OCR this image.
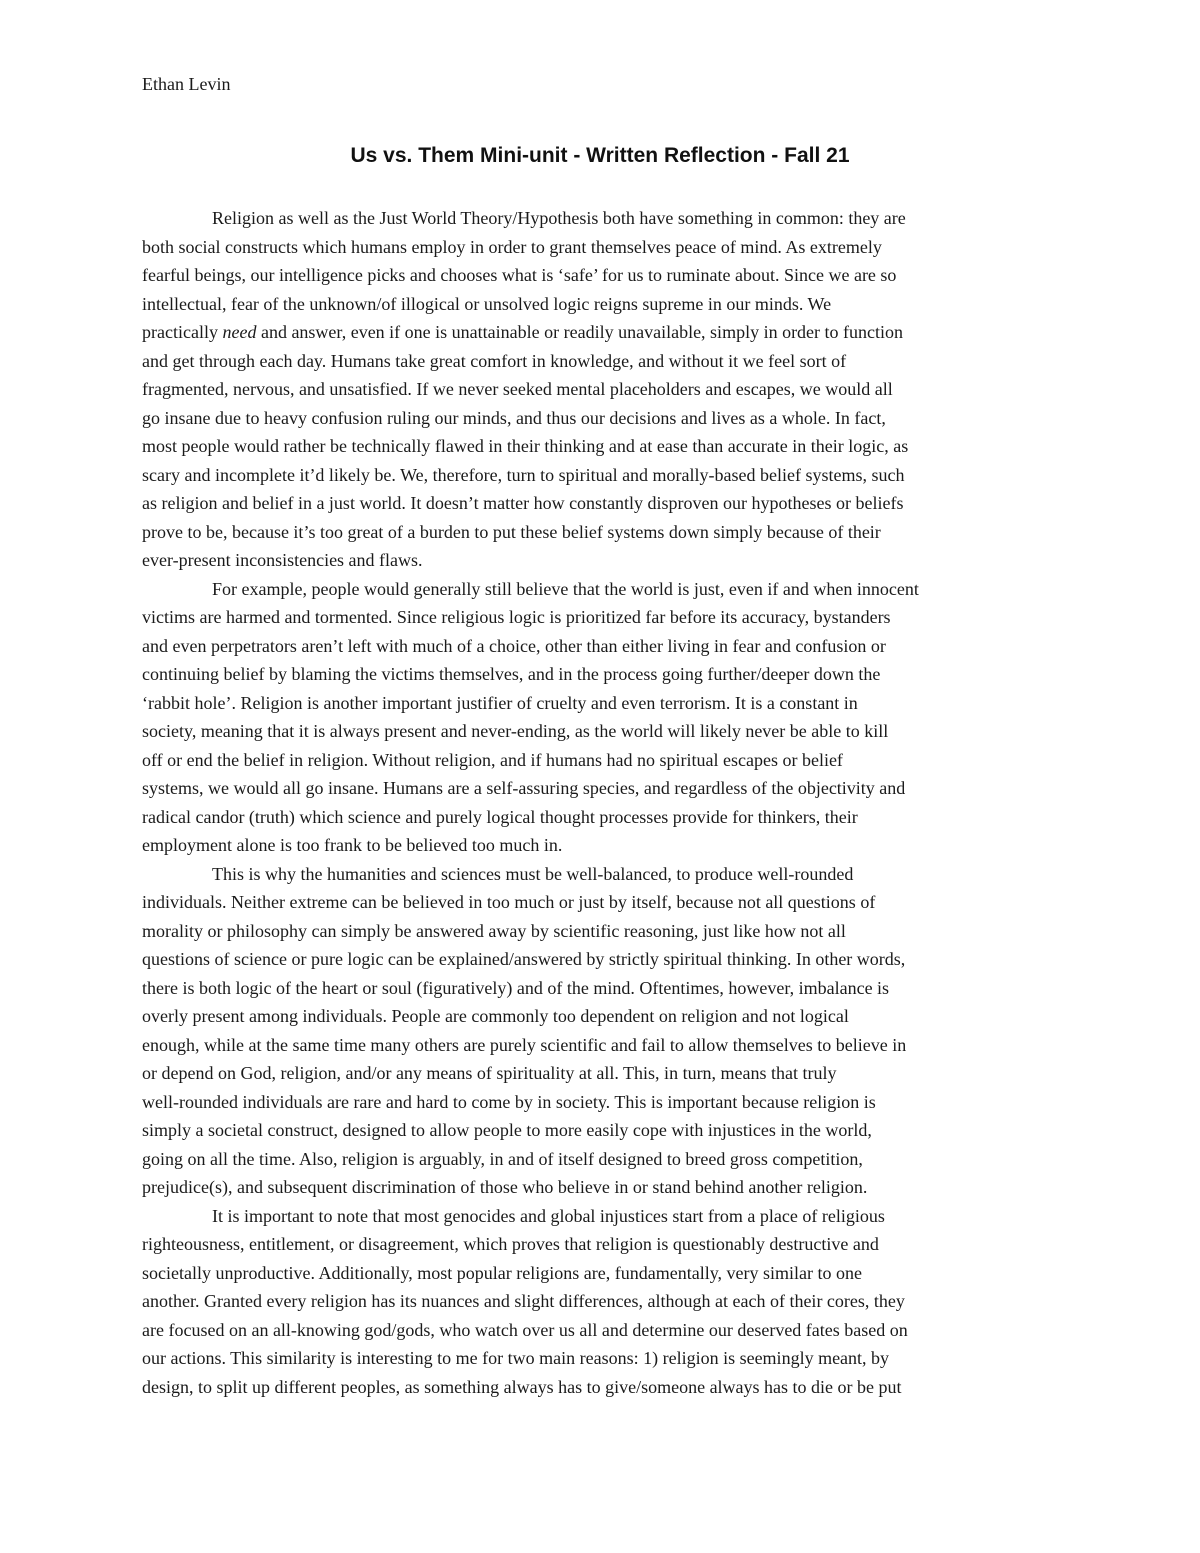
Ethan Levin
Us vs. Them Mini-unit - Written Reflection - Fall 21
Religion as well as the Just World Theory/Hypothesis both have something in common: they are
both social constructs which humans employ in order to grant themselves peace of mind. As extremely
fearful beings, our intelligence picks and chooses what is ‘safe’ for us to ruminate about. Since we are so
intellectual, fear of the unknown/of illogical or unsolved logic reigns supreme in our minds. We
practically need and answer, even if one is unattainable or readily unavailable, simply in order to function
and get through each day. Humans take great comfort in knowledge, and without it we feel sort of
fragmented, nervous, and unsatisfied. If we never seeked mental placeholders and escapes, we would all
go insane due to heavy confusion ruling our minds, and thus our decisions and lives as a whole. In fact,
most people would rather be technically flawed in their thinking and at ease than accurate in their logic, as
scary and incomplete it’d likely be. We, therefore, turn to spiritual and morally-based belief systems, such
as religion and belief in a just world. It doesn’t matter how constantly disproven our hypotheses or beliefs
prove to be, because it’s too great of a burden to put these belief systems down simply because of their
ever-present inconsistencies and flaws.
For example, people would generally still believe that the world is just, even if and when innocent
victims are harmed and tormented. Since religious logic is prioritized far before its accuracy, bystanders
and even perpetrators aren’t left with much of a choice, other than either living in fear and confusion or
continuing belief by blaming the victims themselves, and in the process going further/deeper down the
‘rabbit hole’. Religion is another important justifier of cruelty and even terrorism. It is a constant in
society, meaning that it is always present and never-ending, as the world will likely never be able to kill
off or end the belief in religion. Without religion, and if humans had no spiritual escapes or belief
systems, we would all go insane. Humans are a self-assuring species, and regardless of the objectivity and
radical candor (truth) which science and purely logical thought processes provide for thinkers, their
employment alone is too frank to be believed too much in.
This is why the humanities and sciences must be well-balanced, to produce well-rounded
individuals. Neither extreme can be believed in too much or just by itself, because not all questions of
morality or philosophy can simply be answered away by scientific reasoning, just like how not all
questions of science or pure logic can be explained/answered by strictly spiritual thinking. In other words,
there is both logic of the heart or soul (figuratively) and of the mind. Oftentimes, however, imbalance is
overly present among individuals. People are commonly too dependent on religion and not logical
enough, while at the same time many others are purely scientific and fail to allow themselves to believe in
or depend on God, religion, and/or any means of spirituality at all. This, in turn, means that truly
well-rounded individuals are rare and hard to come by in society. This is important because religion is
simply a societal construct, designed to allow people to more easily cope with injustices in the world,
going on all the time. Also, religion is arguably, in and of itself designed to breed gross competition,
prejudice(s), and subsequent discrimination of those who believe in or stand behind another religion.
It is important to note that most genocides and global injustices start from a place of religious
righteousness, entitlement, or disagreement, which proves that religion is questionably destructive and
societally unproductive. Additionally, most popular religions are, fundamentally, very similar to one
another. Granted every religion has its nuances and slight differences, although at each of their cores, they
are focused on an all-knowing god/gods, who watch over us all and determine our deserved fates based on
our actions. This similarity is interesting to me for two main reasons: 1) religion is seemingly meant, by
design, to split up different peoples, as something always has to give/someone always has to die or be put
